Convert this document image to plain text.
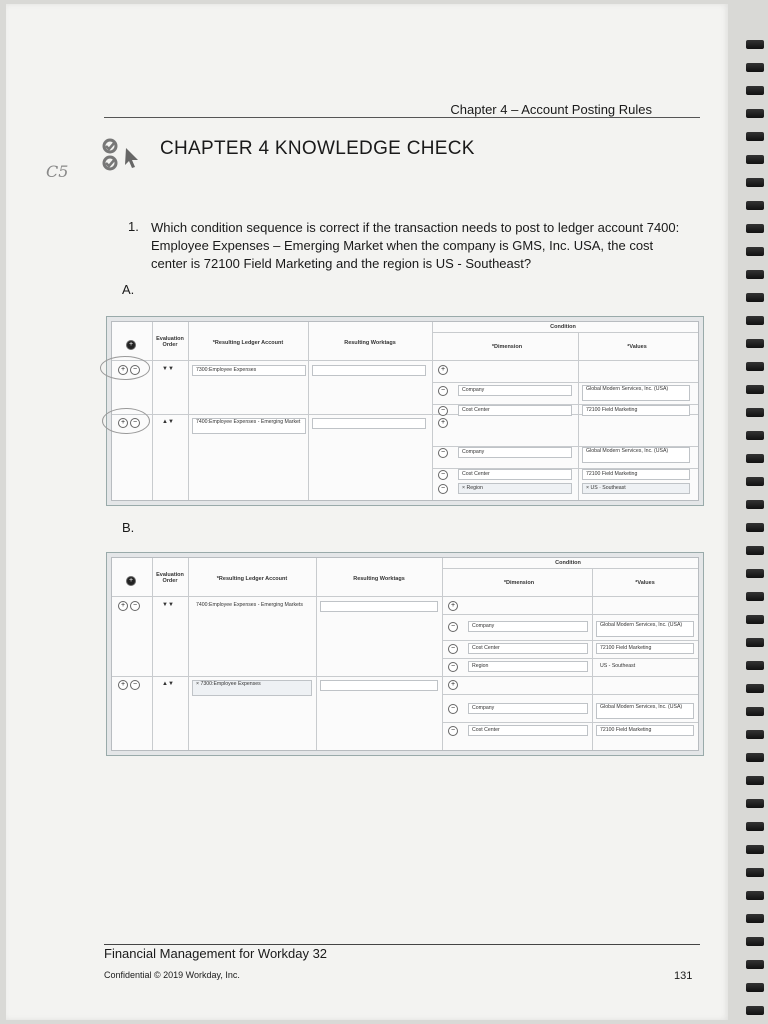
Chapter 4 – Account Posting Rules
CHAPTER 4 KNOWLEDGE CHECK
C5
1. Which condition sequence is correct if the transaction needs to post to ledger account 7400: Employee Expenses – Emerging Market when the company is GMS, Inc. USA, the cost center is 72100 Field Marketing and the region is US - Southeast?
A.
+
Evaluation Order	*Resulting Ledger Account	Resulting Worktags
Condition
*Dimension	*Values
+	−	▼▼	7300:Employee Expenses	+
−	Company	Global Modern Services, Inc. (USA)
−	Cost Center	72100 Field Marketing
+	−	▲▼	7400:Employee Expenses - Emerging Market	+
−	Company	Global Modern Services, Inc. (USA)
−	Cost Center	72100 Field Marketing
−	× Region	× US · Southeast
B.
+
Evaluation Order	*Resulting Ledger Account	Resulting Worktags
Condition
*Dimension	*Values
+	−	▼▼	7400:Employee Expenses - Emerging Markets	+
−	Company	Global Modern Services, Inc. (USA)
−	Cost Center	72100 Field Marketing
−	Region	US - Southeast
+	−	▲▼	× 7300:Employee Expenses	+
−	Company	Global Modern Services, Inc. (USA)
−	Cost Center	72100 Field Marketing
Financial Management for Workday 32
Confidential © 2019 Workday, Inc.	131
